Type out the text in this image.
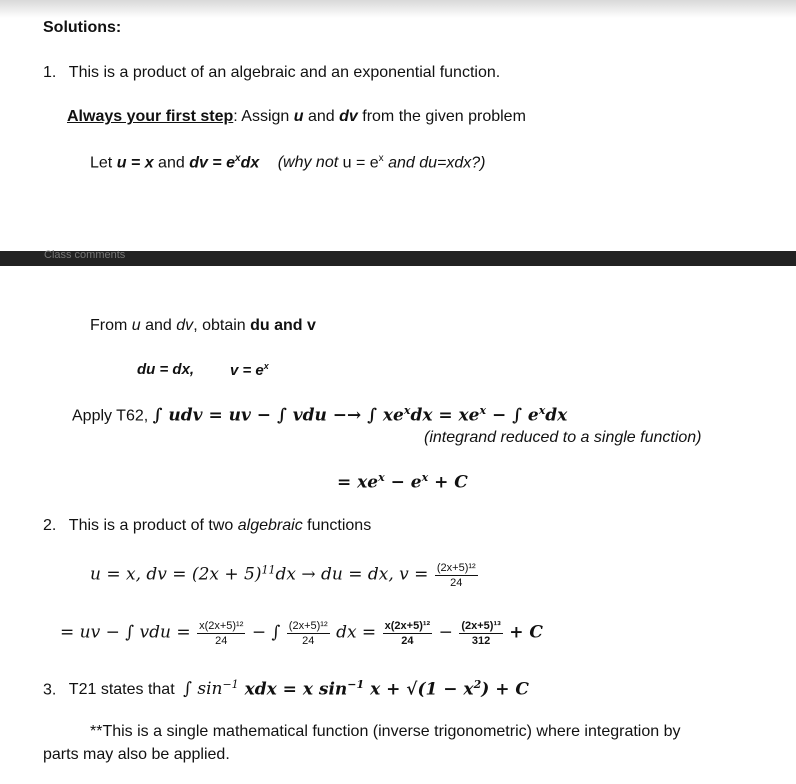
Solutions:
1. This is a product of an algebraic and an exponential function.
Always your first step: Assign u and dv from the given problem
Let u = x and dv = $e^xdx$ (why not $u = e^x$ and du=xdx?)
Class comments
From u and dv, obtain du and v
du = dx, $v = e^x$
Apply T62, ∫ udv = uv − ∫ vdu −→ ∫ $xe^xdx = xe^x$ − ∫ $e^xdx$
(integrand reduced to a single function)
= $xe^x - e^x + C$
2. This is a product of two algebraic functions
u = x, dv = $(2x + 5)^{11}dx$ → du = dx, $v = \frac{\text{(2x+5)¹²}}{24}$
= uv − ∫ vdu = $\frac{\text{x(2x+5)¹²}}{24}$ − ∫ $\frac{\text{(2x+5)¹²}}{24}$ dx = $\frac{\text{x(2x+5)¹²}}{24} - \frac{\text{(2x+5)¹³}}{312} + C$
3. T21 states that ∫ $\sin^{-1}$ xdx = x $\sin^{-1} x + √(1 - x^2) + C$
**This is a single mathematical function (inverse trigonometric) where integration by
parts may also be applied.
